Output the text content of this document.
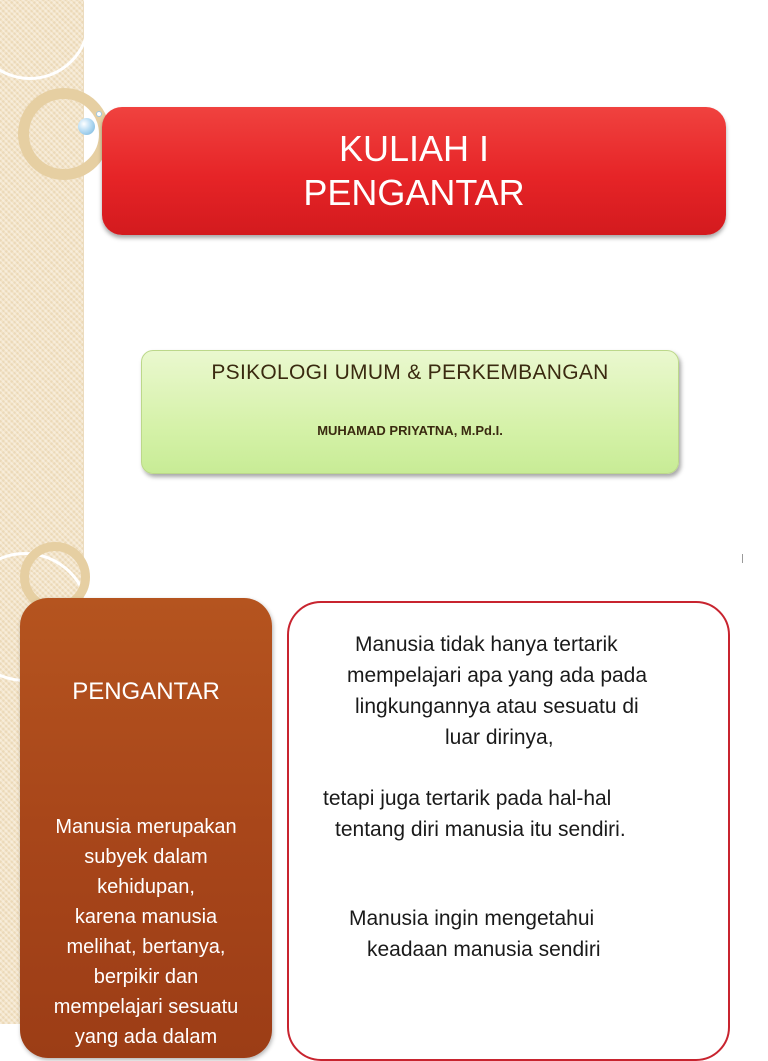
KULIAH I
PENGANTAR
PSIKOLOGI UMUM & PERKEMBANGAN
MUHAMAD PRIYATNA, M.Pd.I.
PENGANTAR
Manusia merupakan
subyek dalam
kehidupan,
karena manusia
melihat, bertanya,
berpikir dan
mempelajari sesuatu
yang ada dalam
Manusia tidak hanya tertarik
mempelajari apa yang ada pada
lingkungannya atau sesuatu di
luar dirinya,
tetapi juga tertarik pada hal-hal
tentang diri manusia itu sendiri.
Manusia ingin mengetahui
keadaan manusia sendiri
